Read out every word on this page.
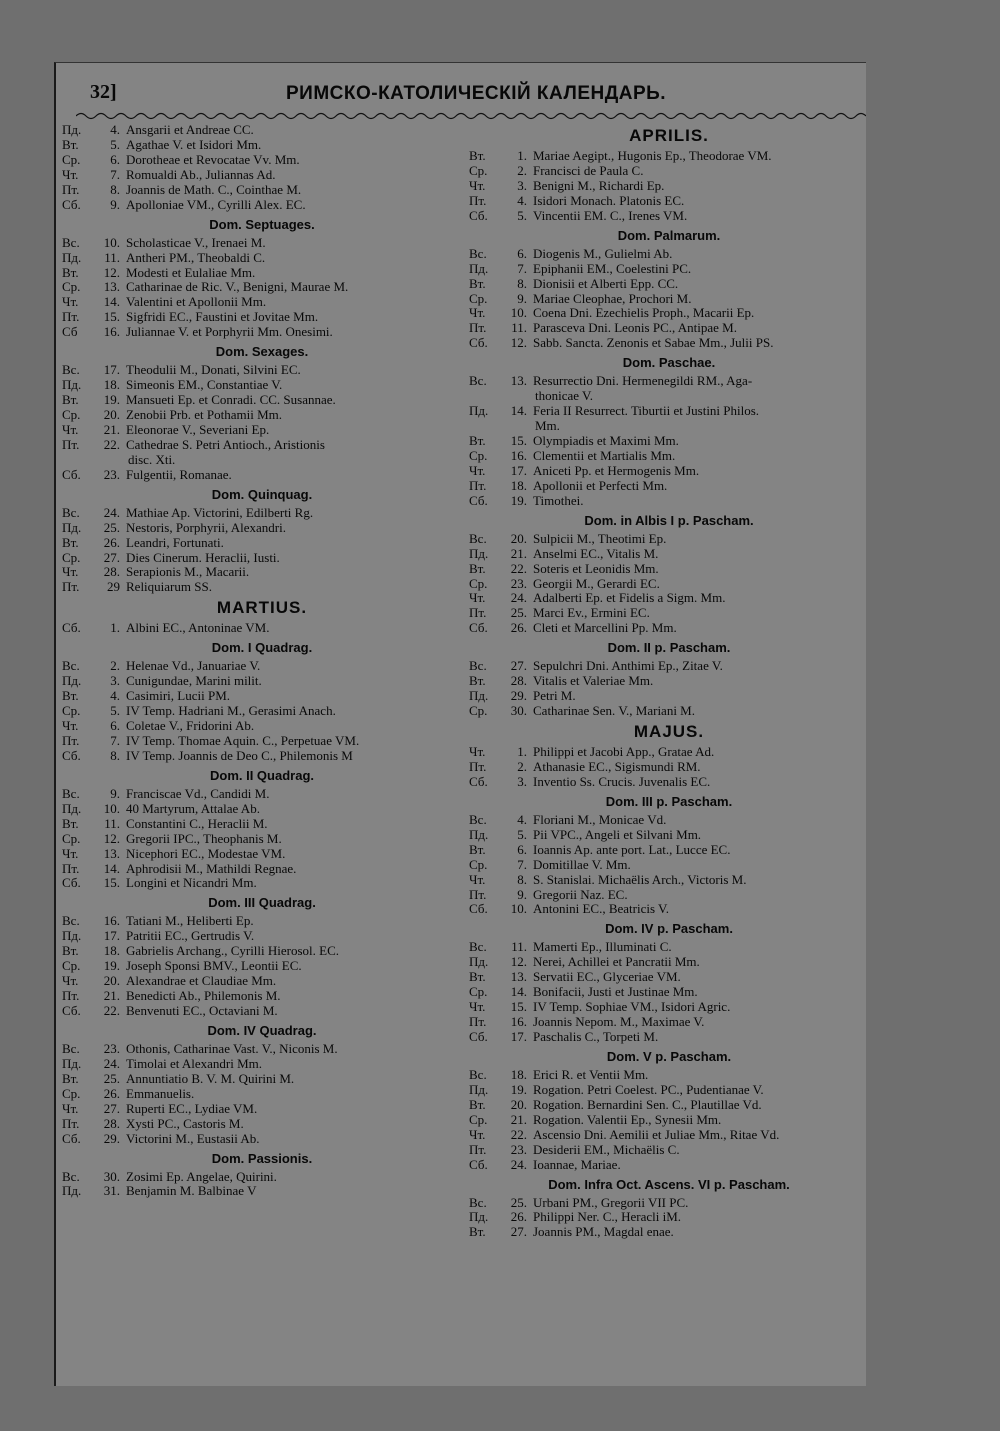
32]	РИМСКО-КАТОЛИЧЕСКІЙ КАЛЕНДАРЬ.
Пд. 4. Ansgarii et Andreae CC.
Вт. 5. Agathae V. et Isidori Mm.
Ср. 6. Dorotheae et Revocatae Vv. Mm.
Чт. 7. Romualdi Ab., Juliannas Ad.
Пт. 8. Joannis de Math. C., Cointhae M.
Сб. 9. Apolloniae VM., Cyrilli Alex. EC.
Dom. Septuages.
Вс. 10. Scholasticae V., Irenaei M.
Пд. 11. Antheri PM., Theobaldi C.
Вт. 12. Modesti et Eulaliae Mm.
Ср. 13. Catharinae de Ric. V., Benigni, Maurae M.
Чт. 14. Valentini et Apollonii Mm.
Пт. 15. Sigfridi EC., Faustini et Jovitae Mm.
Сб 16. Juliannae V. et Porphyrii Mm. Onesimi.
Dom. Sexages.
Вс. 17. Theodulii M., Donati, Silvini EC.
Пд. 18. Simeonis EM., Constantiae V.
Вт. 19. Mansueti Ep. et Conradi. CC. Susannae.
Ср. 20. Zenobii Prb. et Pothamii Mm.
Чт. 21. Eleonorae V., Severiani Ep.
Пт. 22. Cathedrae S. Petri Antioch., Aristionis
disc. Xti.
Сб. 23. Fulgentii, Romanae.
Dom. Quinquag.
Вс. 24. Mathiae Ap. Victorini, Edilberti Rg.
Пд. 25. Nestoris, Porphyrii, Alexandri.
Вт. 26. Leandri, Fortunati.
Ср. 27. Dies Cinerum. Heraclii, Iusti.
Чт. 28. Serapionis M., Macarii.
Пт. 29 Reliquiarum SS.
MARTIUS.
Сб. 1. Albini EC., Antoninae VM.
Dom. I Quadrag.
Вс. 2. Helenae Vd., Januariae V.
Пд. 3. Cunigundae, Marini milit.
Вт. 4. Casimiri, Lucii PM.
Ср. 5. IV Temp. Hadriani M., Gerasimi Anach.
Чт. 6. Coletae V., Fridorini Ab.
Пт. 7. IV Temp. Thomae Aquin. C., Perpetuae VM.
Сб. 8. IV Temp. Joannis de Deo C., Philemonis M
Dom. II Quadrag.
Вс. 9. Franciscae Vd., Candidi M.
Пд. 10. 40 Martyrum, Attalae Ab.
Вт. 11. Constantini C., Heraclii M.
Ср. 12. Gregorii IPC., Theophanis M.
Чт. 13. Nicephori EC., Modestae VM.
Пт. 14. Aphrodisii M., Mathildi Regnae.
Сб. 15. Longini et Nicandri Mm.
Dom. III Quadrag.
Вс. 16. Tatiani M., Heliberti Ep.
Пд. 17. Patritii EC., Gertrudis V.
Вт. 18. Gabrielis Archang., Cyrilli Hierosol. EC.
Ср. 19. Joseph Sponsi BMV., Leontii EC.
Чт. 20. Alexandrae et Claudiae Mm.
Пт. 21. Benedicti Ab., Philemonis M.
Сб. 22. Benvenuti EC., Octaviani M.
Dom. IV Quadrag.
Вс. 23. Othonis, Catharinae Vast. V., Niconis M.
Пд. 24. Timolai et Alexandri Mm.
Вт. 25. Annuntiatio B. V. M. Quirini M.
Ср. 26. Emmanuelis.
Чт. 27. Ruperti EC., Lydiae VM.
Пт. 28. Xysti PC., Castoris M.
Сб. 29. Victorini M., Eustasii Ab.
Dom. Passionis.
Вс. 30. Zosimi Ep. Angelae, Quirini.
Пд. 31. Benjamin M. Balbinae V
APRILIS.
Вт. 1. Mariae Aegipt., Hugonis Ep., Theodorae VM.
Ср. 2. Francisci de Paula C.
Чт. 3. Benigni M., Richardi Ep.
Пт. 4. Isidori Monach. Platonis EC.
Сб. 5. Vincentii EM. C., Irenes VM.
Dom. Palmarum.
Вс. 6. Diogenis M., Gulielmi Ab.
Пд. 7. Epiphanii EM., Coelestini PC.
Вт. 8. Dionisii et Alberti Epp. CC.
Ср. 9. Mariae Cleophae, Prochori M.
Чт. 10. Coena Dni. Ezechielis Proph., Macarii Ep.
Пт. 11. Parasceva Dni. Leonis PC., Antipae M.
Сб. 12. Sabb. Sancta. Zenonis et Sabae Mm., Julii PS.
Dom. Paschae.
Вс. 13. Resurrectio Dni. Hermenegildi RM., Aga-
thonicae V.
Пд. 14. Feria II Resurrect. Tiburtii et Justini Philos.
Mm.
Вт. 15. Olympiadis et Maximi Mm.
Ср. 16. Clementii et Martialis Mm.
Чт. 17. Aniceti Pp. et Hermogenis Mm.
Пт. 18. Apollonii et Perfecti Mm.
Сб. 19. Timothei.
Dom. in Albis I p. Pascham.
Вс. 20. Sulpicii M., Theotimi Ep.
Пд. 21. Anselmi EC., Vitalis M.
Вт. 22. Soteris et Leonidis Mm.
Ср. 23. Georgii M., Gerardi EC.
Чт. 24. Adalberti Ep. et Fidelis a Sigm. Mm.
Пт. 25. Marci Ev., Ermini EC.
Сб. 26. Cleti et Marcellini Pp. Mm.
Dom. II p. Pascham.
Вс. 27. Sepulchri Dni. Anthimi Ep., Zitae V.
Вт. 28. Vitalis et Valeriae Mm.
Пд. 29. Petri M.
Ср. 30. Catharinae Sen. V., Mariani M.
MAJUS.
Чт. 1. Philippi et Jacobi App., Gratae Ad.
Пт. 2. Athanasie EC., Sigismundi RM.
Сб. 3. Inventio Ss. Crucis. Juvenalis EC.
Dom. III p. Pascham.
Вс. 4. Floriani M., Monicae Vd.
Пд. 5. Pii VPC., Angeli et Silvani Mm.
Вт. 6. Ioannis Ap. ante port. Lat., Lucce EC.
Ср. 7. Domitillae V. Mm.
Чт. 8. S. Stanislai. Michaëlis Arch., Victoris M.
Пт. 9. Gregorii Naz. EC.
Сб. 10. Antonini EC., Beatricis V.
Dom. IV p. Pascham.
Вс. 11. Mamerti Ep., Illuminati C.
Пд. 12. Nerei, Achillei et Pancratii Mm.
Вт. 13. Servatii EC., Glyceriae VM.
Ср. 14. Bonifacii, Justi et Justinae Mm.
Чт. 15. IV Temp. Sophiae VM., Isidori Agric.
Пт. 16. Joannis Nepom. M., Maximae V.
Сб. 17. Paschalis C., Torpeti M.
Dom. V p. Pascham.
Вс. 18. Erici R. et Ventii Mm.
Пд. 19. Rogation. Petri Coelest. PC., Pudentianae V.
Вт. 20. Rogation. Bernardini Sen. C., Plautillae Vd.
Ср. 21. Rogation. Valentii Ep., Synesii Mm.
Чт. 22. Ascensio Dni. Aemilii et Juliae Mm., Ritae Vd.
Пт. 23. Desiderii EM., Michaëlis C.
Сб. 24. Ioannae, Mariae.
Dom. Infra Oct. Ascens. VI p. Pascham.
Вс. 25. Urbani PM., Gregorii VII PC.
Пд. 26. Philippi Ner. C., Heracli iM.
Вт. 27. Joannis PM., Magdal enae.
